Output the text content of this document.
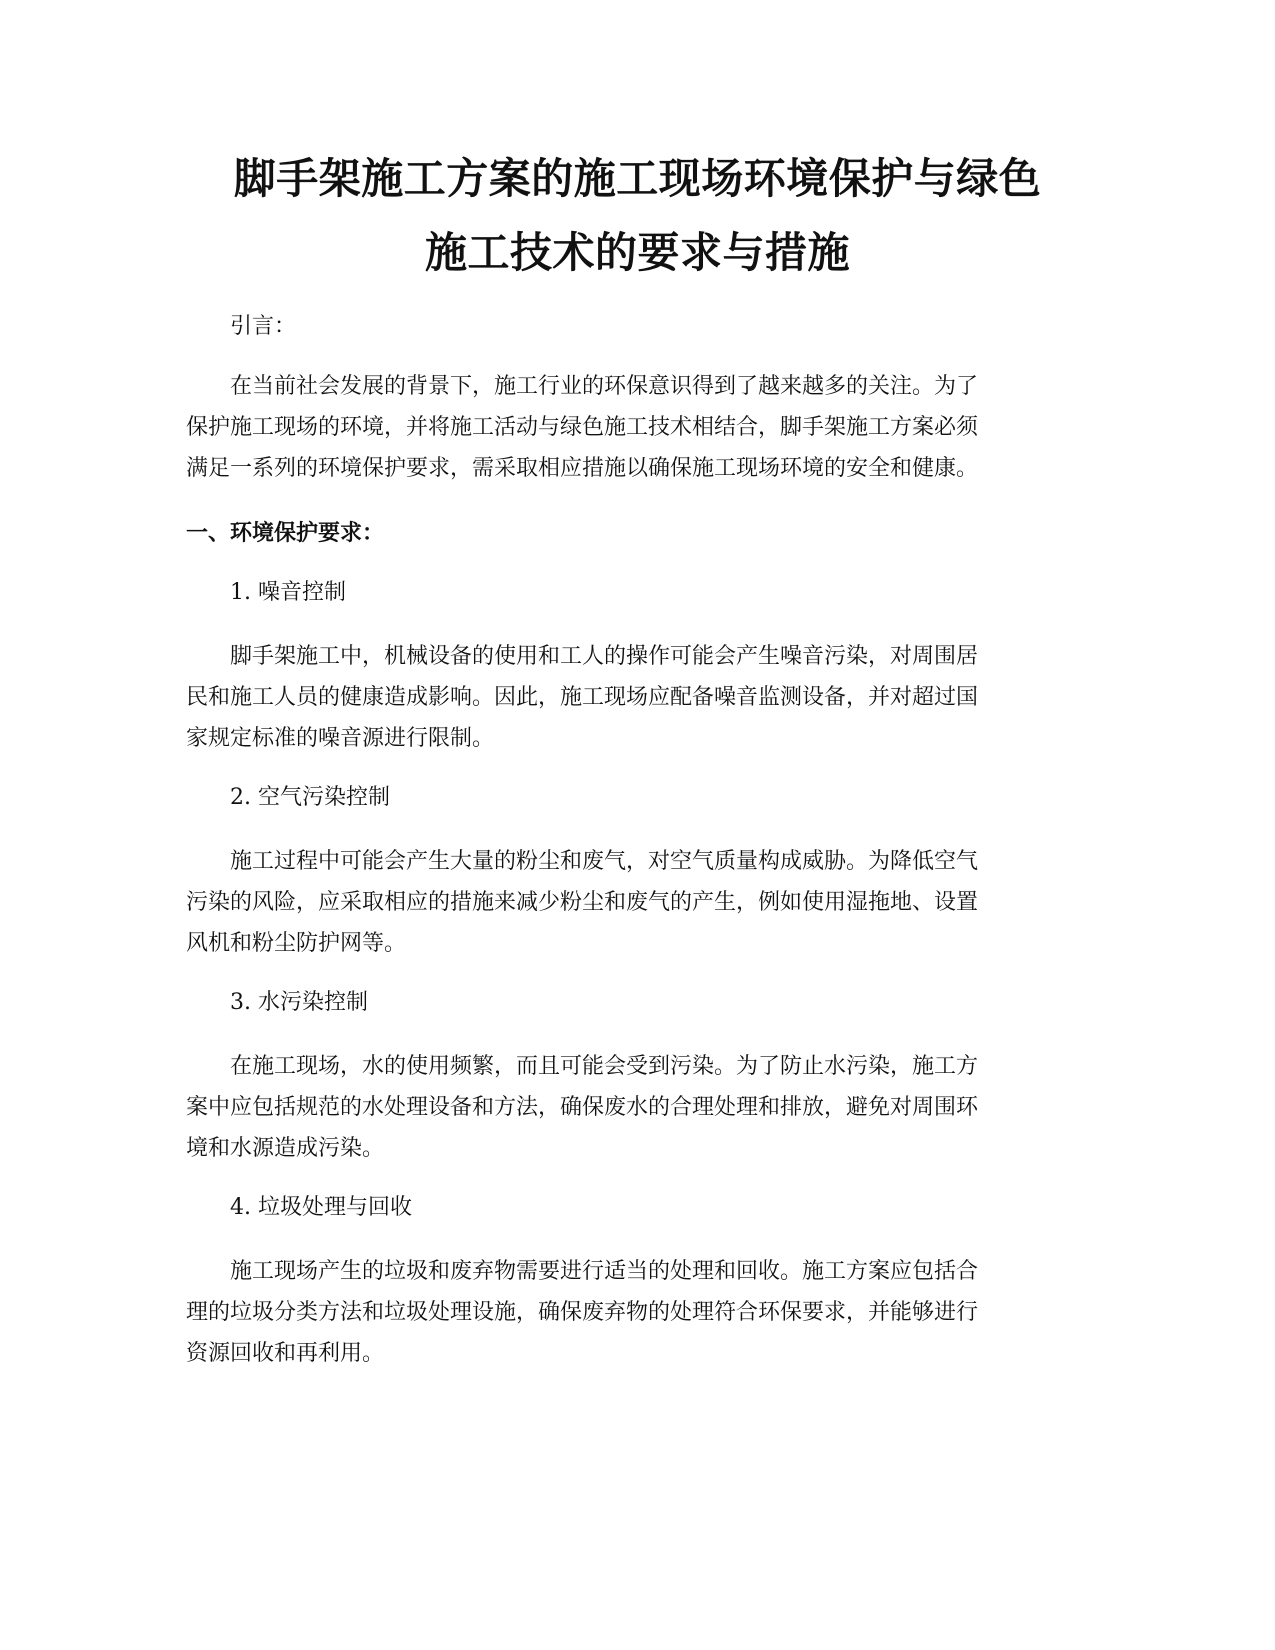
脚手架施工方案的施工现场环境保护与绿色
施工技术的要求与措施

引言：

在当前社会发展的背景下，施工行业的环保意识得到了越来越多的关注。为了

保护施工现场的环境，并将施工活动与绿色施工技术相结合，脚手架施工方案必须

满足一系列的环境保护要求，需采取相应措施以确保施工现场环境的安全和健康。

一、环境保护要求：

1. 噪音控制

脚手架施工中，机械设备的使用和工人的操作可能会产生噪音污染，对周围居

民和施工人员的健康造成影响。因此，施工现场应配备噪音监测设备，并对超过国

家规定标准的噪音源进行限制。

2. 空气污染控制

施工过程中可能会产生大量的粉尘和废气，对空气质量构成威胁。为降低空气

污染的风险，应采取相应的措施来减少粉尘和废气的产生，例如使用湿拖地、设置

风机和粉尘防护网等。

3. 水污染控制

在施工现场，水的使用频繁，而且可能会受到污染。为了防止水污染，施工方

案中应包括规范的水处理设备和方法，确保废水的合理处理和排放，避免对周围环

境和水源造成污染。

4. 垃圾处理与回收

施工现场产生的垃圾和废弃物需要进行适当的处理和回收。施工方案应包括合

理的垃圾分类方法和垃圾处理设施，确保废弃物的处理符合环保要求，并能够进行

资源回收和再利用。
